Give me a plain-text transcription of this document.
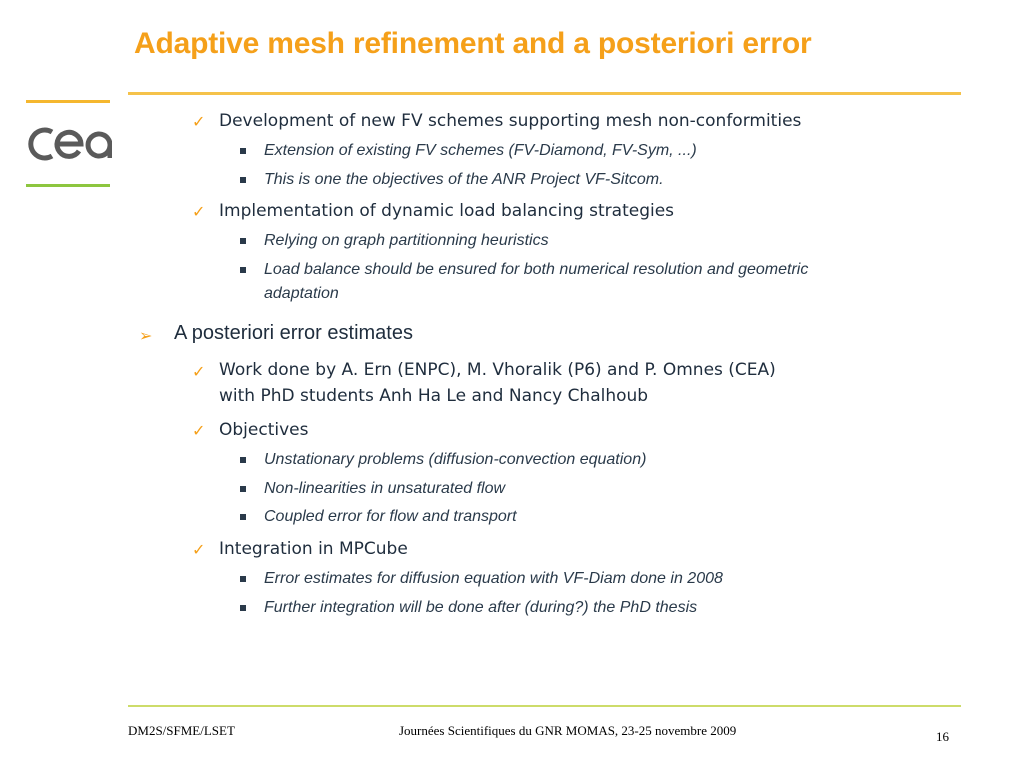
Adaptive mesh refinement and a posteriori error
✓ Development of new FV schemes supporting mesh non-conformities
Extension of existing FV schemes (FV-Diamond, FV-Sym, ...)
This is one the objectives of the ANR Project VF-Sitcom.
✓ Implementation of dynamic load balancing strategies
Relying on graph partitionning heuristics
Load balance should be ensured for both numerical resolution and geometric
adaptation
➢ A posteriori error estimates
✓ Work done by A. Ern (ENPC), M. Vhoralik (P6) and P. Omnes (CEA)
with PhD students Anh Ha Le and Nancy Chalhoub
✓ Objectives
Unstationary problems (diffusion-convection equation)
Non-linearities in unsaturated flow
Coupled error for flow and transport
✓ Integration in MPCube
Error estimates for diffusion equation with VF-Diam done in 2008
Further integration will be done after (during?) the PhD thesis
DM2S/SFME/LSET	Journées Scientifiques du GNR MOMAS, 23-25 novembre 2009	16
